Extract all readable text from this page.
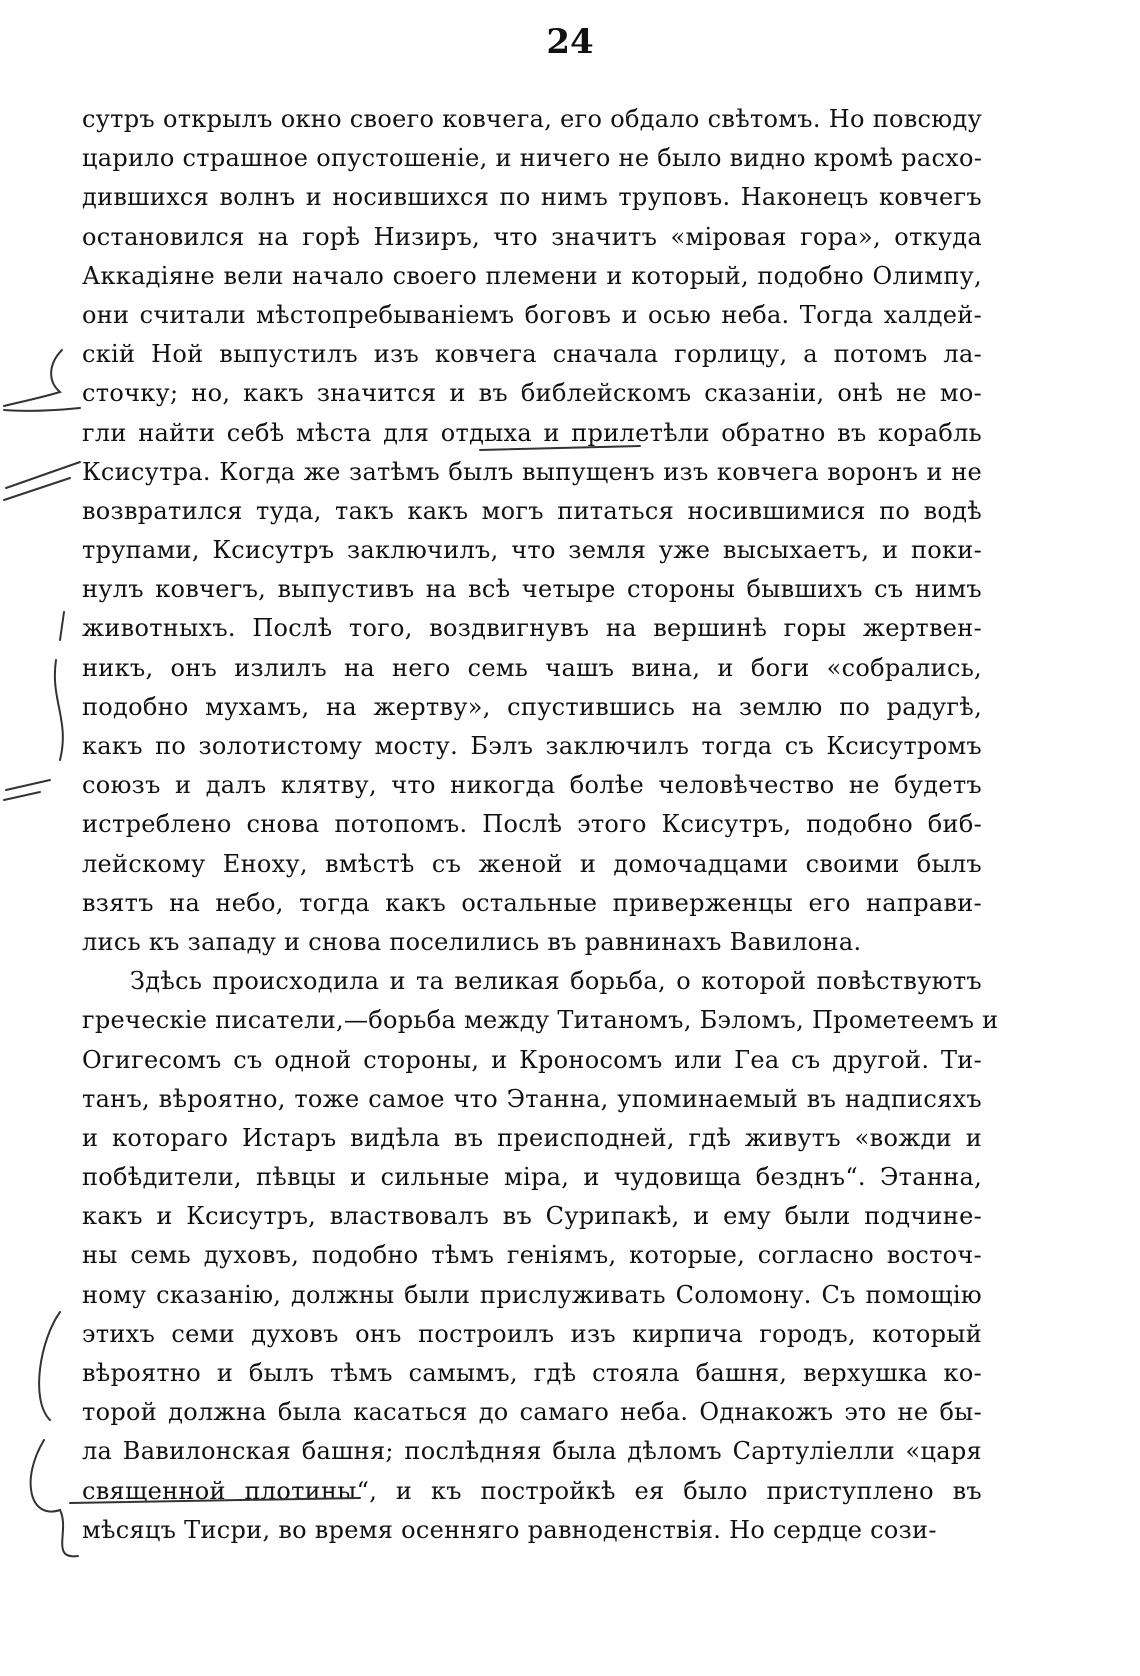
24
сутръ открылъ окно своего ковчега, его обдало свѣтомъ. Но повсюду
царило страшное опустошеніе, и ничего не было видно кромѣ расхо-
дившихся волнъ и носившихся по нимъ труповъ. Наконецъ ковчегъ
остановился на горѣ Низиръ, что значитъ «міровая гора», откуда
Аккадіяне вели начало своего племени и который, подобно Олимпу,
они считали мѣстопребываніемъ боговъ и осью неба. Тогда халдей-
скій Ной выпустилъ изъ ковчега сначала горлицу, а потомъ ла-
сточку; но, какъ значится и въ библейскомъ сказаніи, онѣ не мо-
гли найти себѣ мѣста для отдыха и прилетѣли обратно въ корабль
Ксисутра. Когда же затѣмъ былъ выпущенъ изъ ковчега воронъ и не
возвратился туда, такъ какъ могъ питаться носившимися по водѣ
трупами, Ксисутръ заключилъ, что земля уже высыхаетъ, и поки-
нулъ ковчегъ, выпустивъ на всѣ четыре стороны бывшихъ съ нимъ
животныхъ. Послѣ того, воздвигнувъ на вершинѣ горы жертвен-
никъ, онъ излилъ на него семь чашъ вина, и боги «собрались,
подобно мухамъ, на жертву», спустившись на землю по радугѣ,
какъ по золотистому мосту. Бэлъ заключилъ тогда съ Ксисутромъ
союзъ и далъ клятву, что никогда болѣе человѣчество не будетъ
истреблено снова потопомъ. Послѣ этого Ксисутръ, подобно биб-
лейскому Еноху, вмѣстѣ съ женой и домочадцами своими былъ
взятъ на небо, тогда какъ остальные приверженцы его направи-
лись къ западу и снова поселились въ равнинахъ Вавилона.
Здѣсь происходила и та великая борьба, о которой повѣствуютъ
греческіе писатели,—борьба между Титаномъ, Бэломъ, Прометеемъ и
Огигесомъ съ одной стороны, и Кроносомъ или Геа съ другой. Ти-
танъ, вѣроятно, тоже самое что Этанна, упоминаемый въ надписяхъ
и котораго Истаръ видѣла въ преисподней, гдѣ живутъ «вожди и
побѣдители, пѣвцы и сильные міра, и чудовища безднъ“. Этанна,
какъ и Ксисутръ, властвовалъ въ Сурипакѣ, и ему были подчине-
ны семь духовъ, подобно тѣмъ геніямъ, которые, согласно восточ-
ному сказанію, должны были прислуживать Соломону. Съ помощію
этихъ семи духовъ онъ построилъ изъ кирпича городъ, который
вѣроятно и былъ тѣмъ самымъ, гдѣ стояла башня, верхушка ко-
торой должна была касаться до самаго неба. Однакожъ это не бы-
ла Вавилонская башня; послѣдняя была дѣломъ Сартуліелли «царя
священной плотины“, и къ постройкѣ ея было приступлено въ
мѣсяцъ Тисри, во время осенняго равноденствія. Но сердце сози-
